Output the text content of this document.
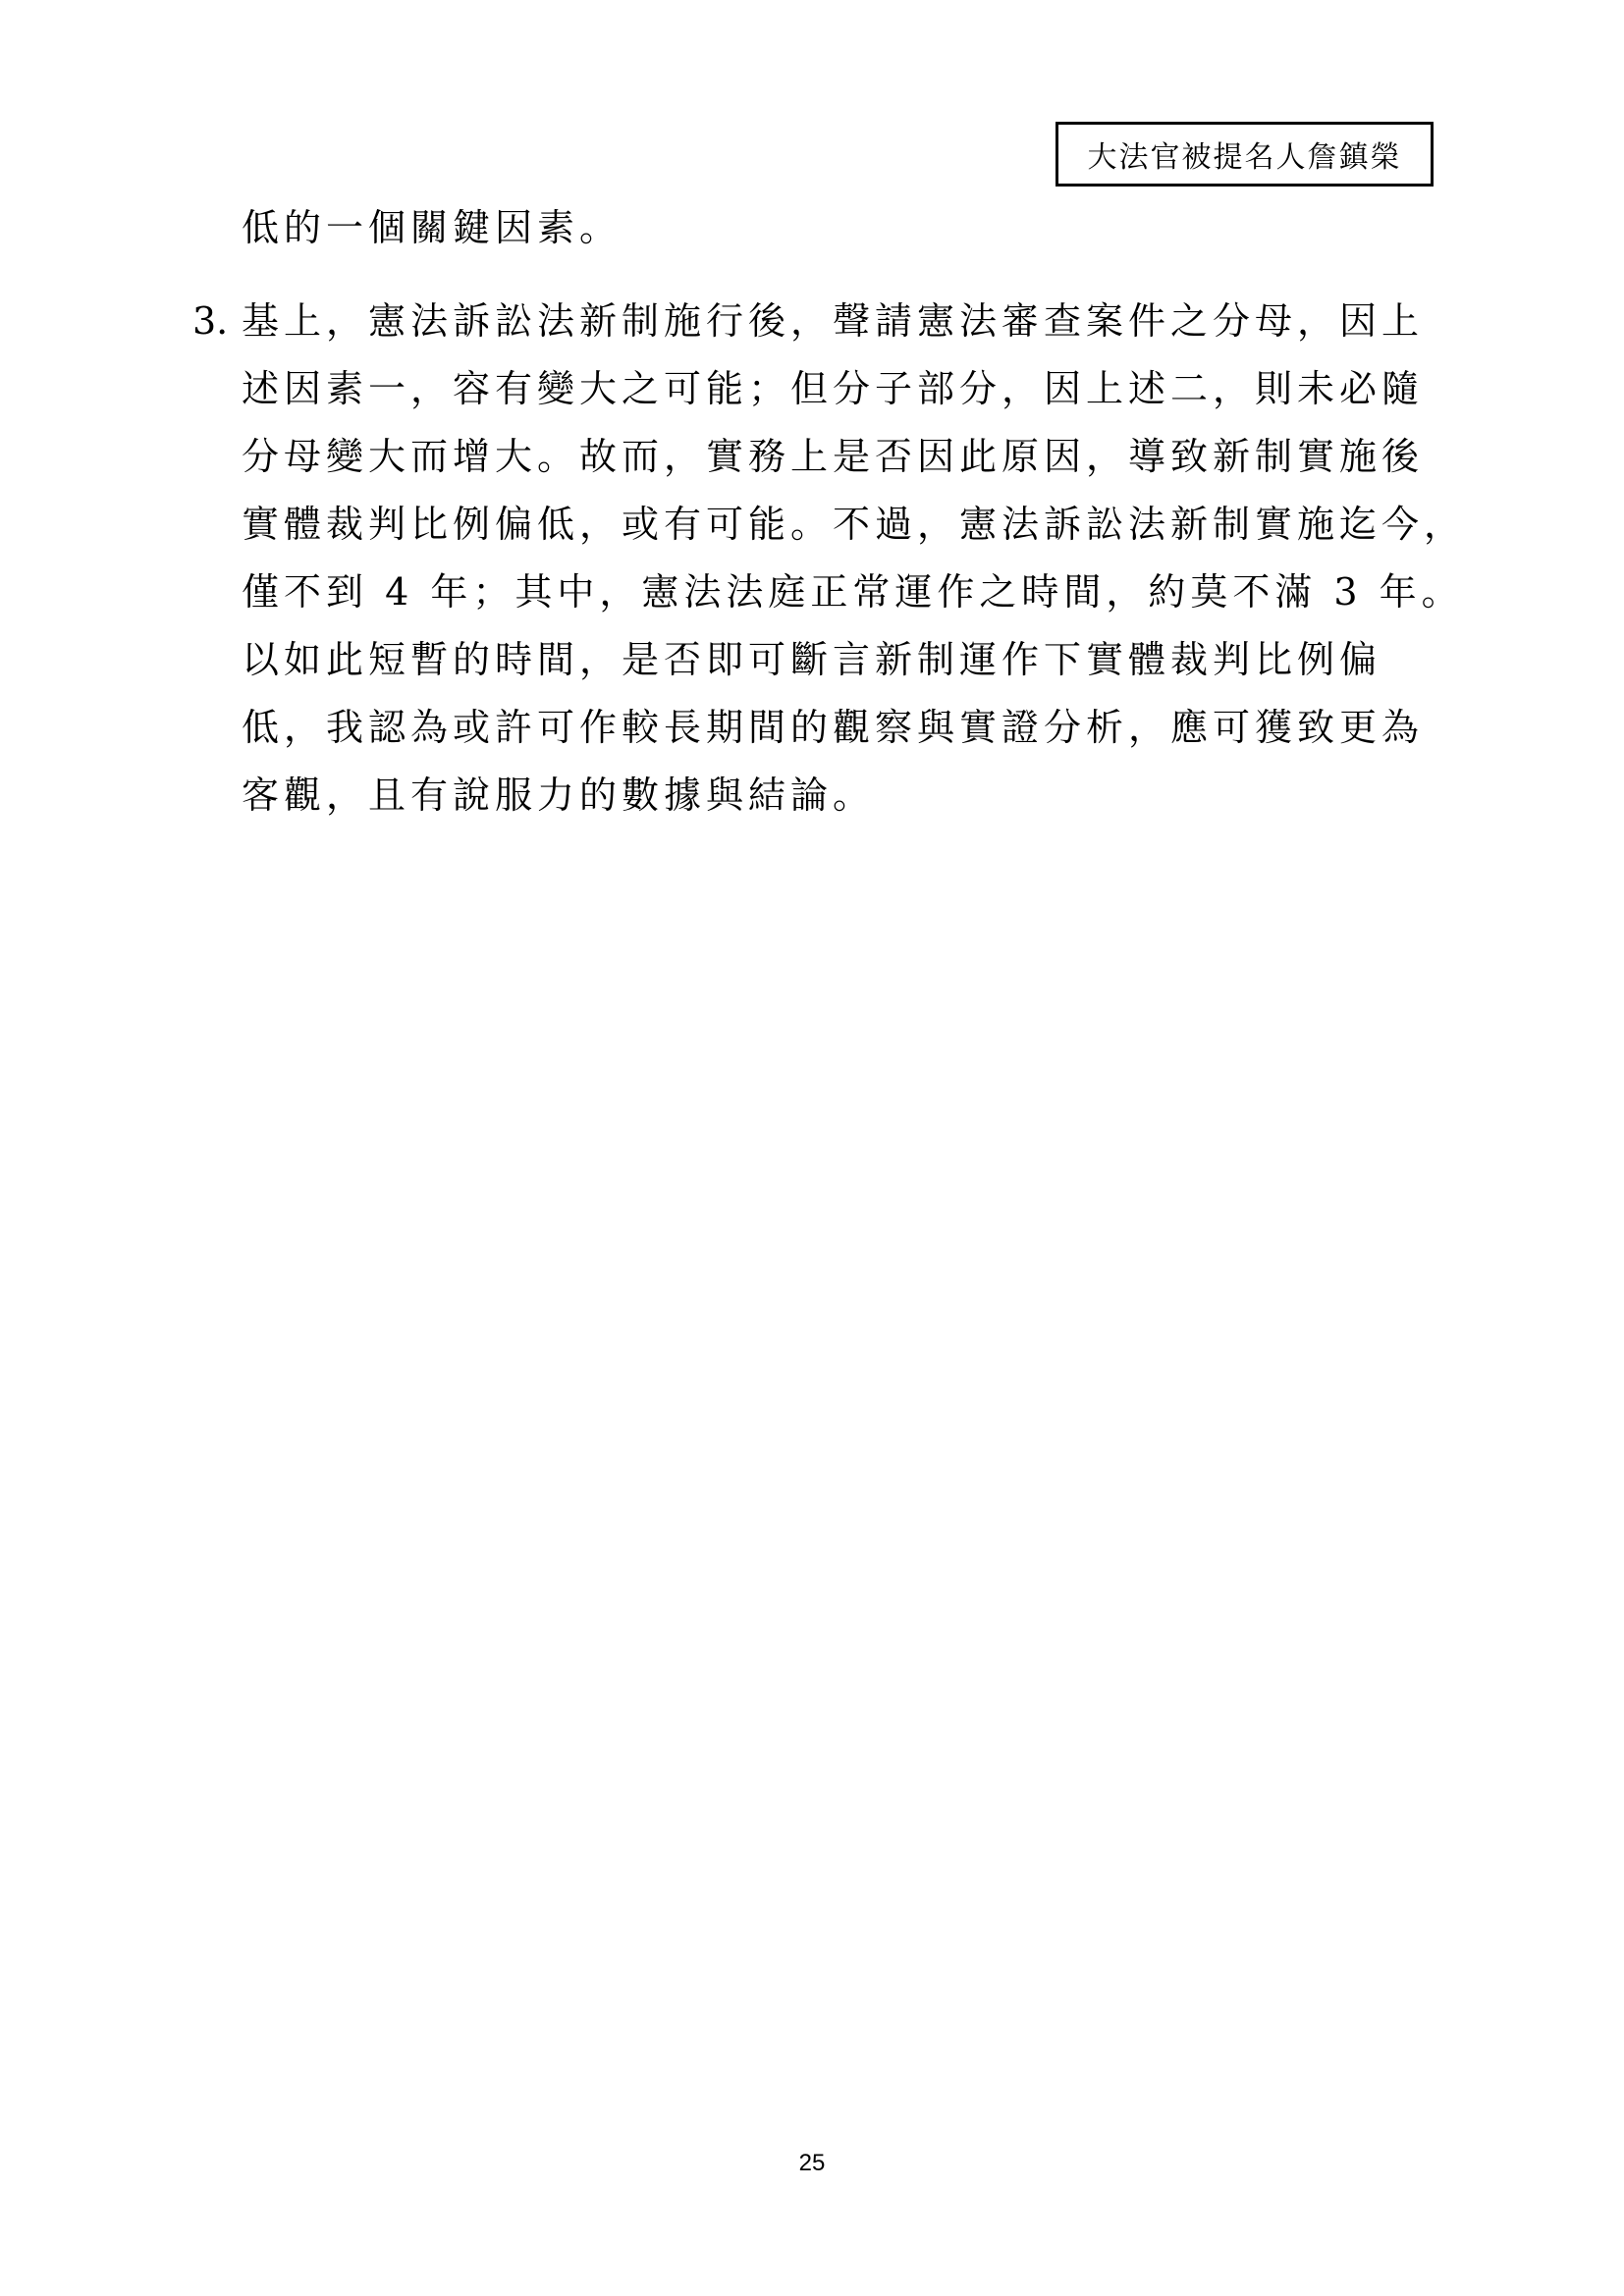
大法官被提名人詹鎮榮
低的一個關鍵因素。
3. 基上，憲法訴訟法新制施行後，聲請憲法審查案件之分母，因上
述因素一，容有變大之可能；但分子部分，因上述二，則未必隨
分母變大而增大。故而，實務上是否因此原因，導致新制實施後
實體裁判比例偏低，或有可能。不過，憲法訴訟法新制實施迄今，
僅不到 4 年；其中，憲法法庭正常運作之時間，約莫不滿 3 年。
以如此短暫的時間，是否即可斷言新制運作下實體裁判比例偏
低，我認為或許可作較長期間的觀察與實證分析，應可獲致更為
客觀，且有說服力的數據與結論。
25
